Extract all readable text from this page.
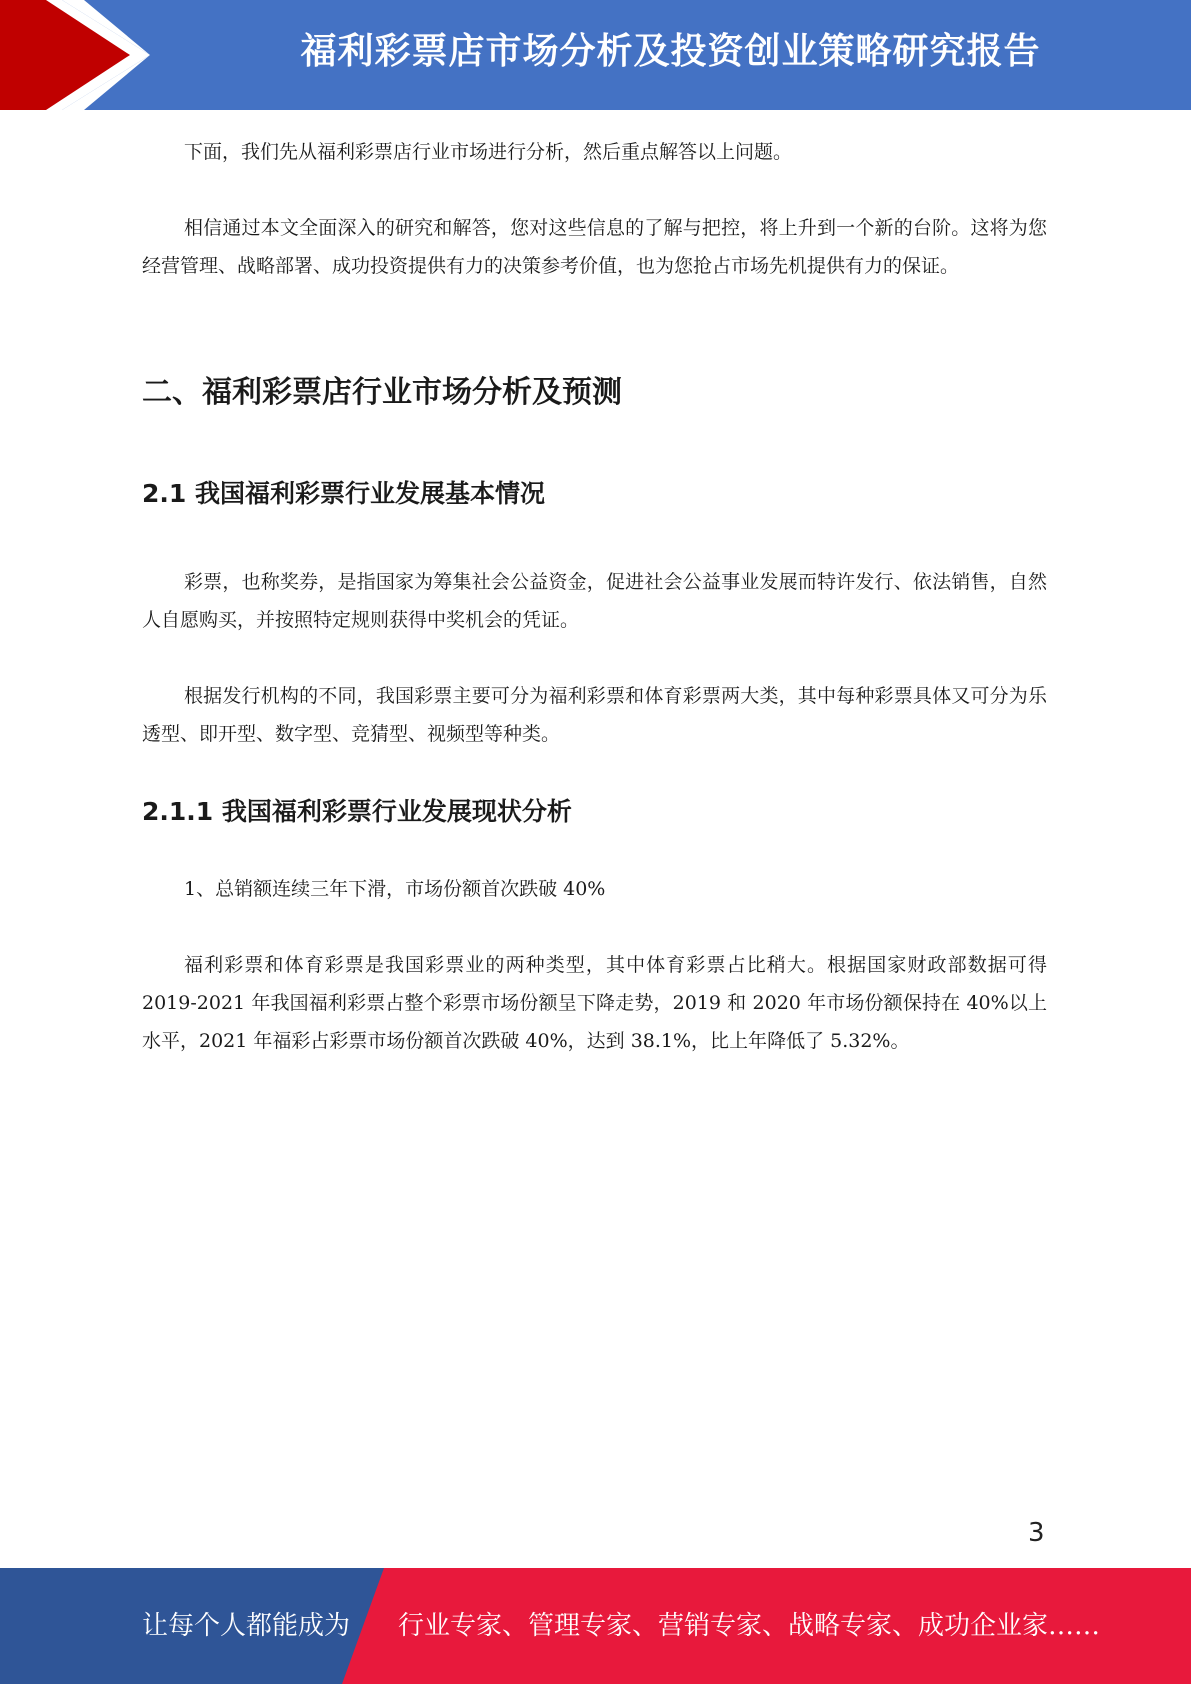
福利彩票店市场分析及投资创业策略研究报告

下面，我们先从福利彩票店行业市场进行分析，然后重点解答以上问题。

相信通过本文全面深入的研究和解答，您对这些信息的了解与把控，将上升到一个新的台阶。这将为您经营管理、战略部署、成功投资提供有力的决策参考价值，也为您抢占市场先机提供有力的保证。

二、福利彩票店行业市场分析及预测
2.1 我国福利彩票行业发展基本情况

彩票，也称奖券，是指国家为筹集社会公益资金，促进社会公益事业发展而特许发行、依法销售，自然人自愿购买，并按照特定规则获得中奖机会的凭证。

根据发行机构的不同，我国彩票主要可分为福利彩票和体育彩票两大类，其中每种彩票具体又可分为乐透型、即开型、数字型、竞猜型、视频型等种类。

2.1.1 我国福利彩票行业发展现状分析

1、总销额连续三年下滑，市场份额首次跌破 40%

福利彩票和体育彩票是我国彩票业的两种类型，其中体育彩票占比稍大。根据国家财政部数据可得 2019-2021 年我国福利彩票占整个彩票市场份额呈下降走势，2019 和 2020 年市场份额保持在 40%以上水平，2021 年福彩占彩票市场份额首次跌破 40%，达到 38.1%，比上年降低了 5.32%。

3
让每个人都能成为 行业专家、管理专家、营销专家、战略专家、成功企业家……
